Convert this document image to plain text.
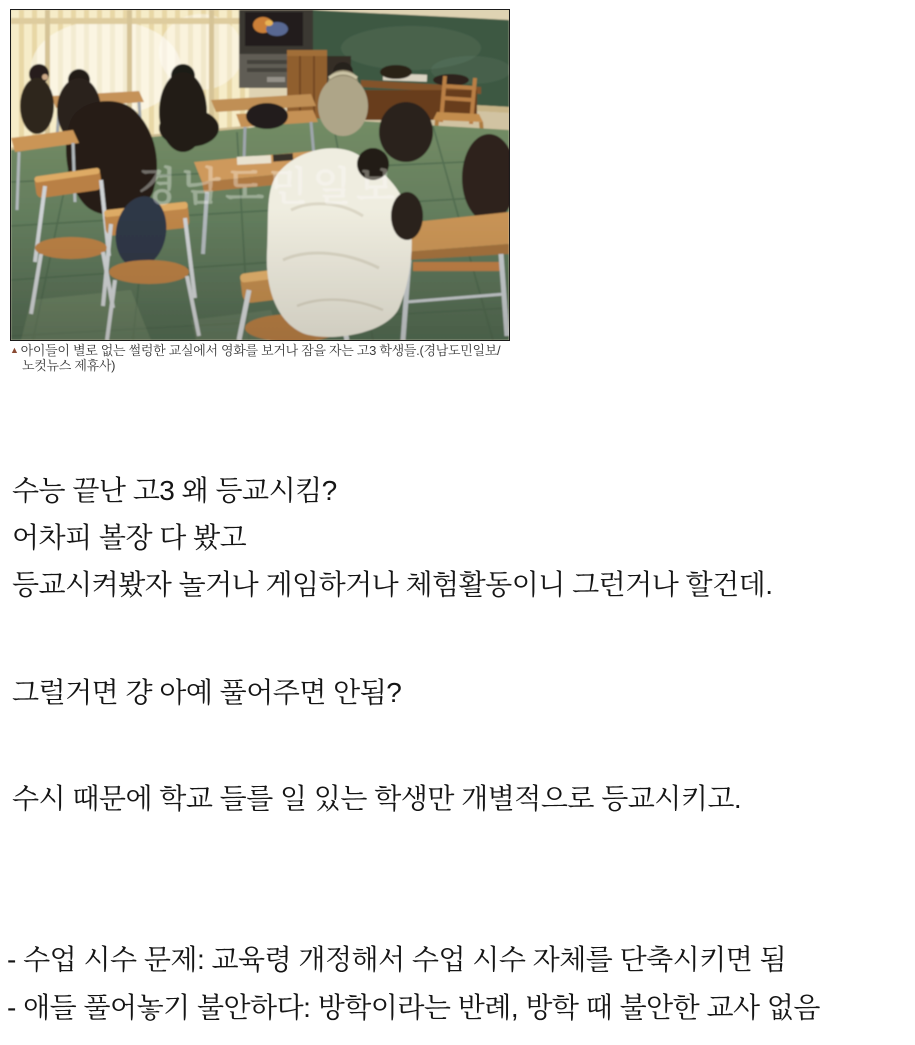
▲ 아이들이 별로 없는 썰렁한 교실에서 영화를 보거나 잠을 자는 고3 학생들.(경남도민일보/
노컷뉴스 제휴사)
수능 끝난 고3 왜 등교시킴?
어차피 볼장 다 봤고
등교시켜봤자 놀거나 게임하거나 체험활동이니 그런거나 할건데.
그럴거면 걍 아예 풀어주면 안됨?
수시 때문에 학교 들를 일 있는 학생만 개별적으로 등교시키고.
- 수업 시수 문제: 교육령 개정해서 수업 시수 자체를 단축시키면 됨
- 애들 풀어놓기 불안하다: 방학이라는 반례, 방학 때 불안한 교사 없음
